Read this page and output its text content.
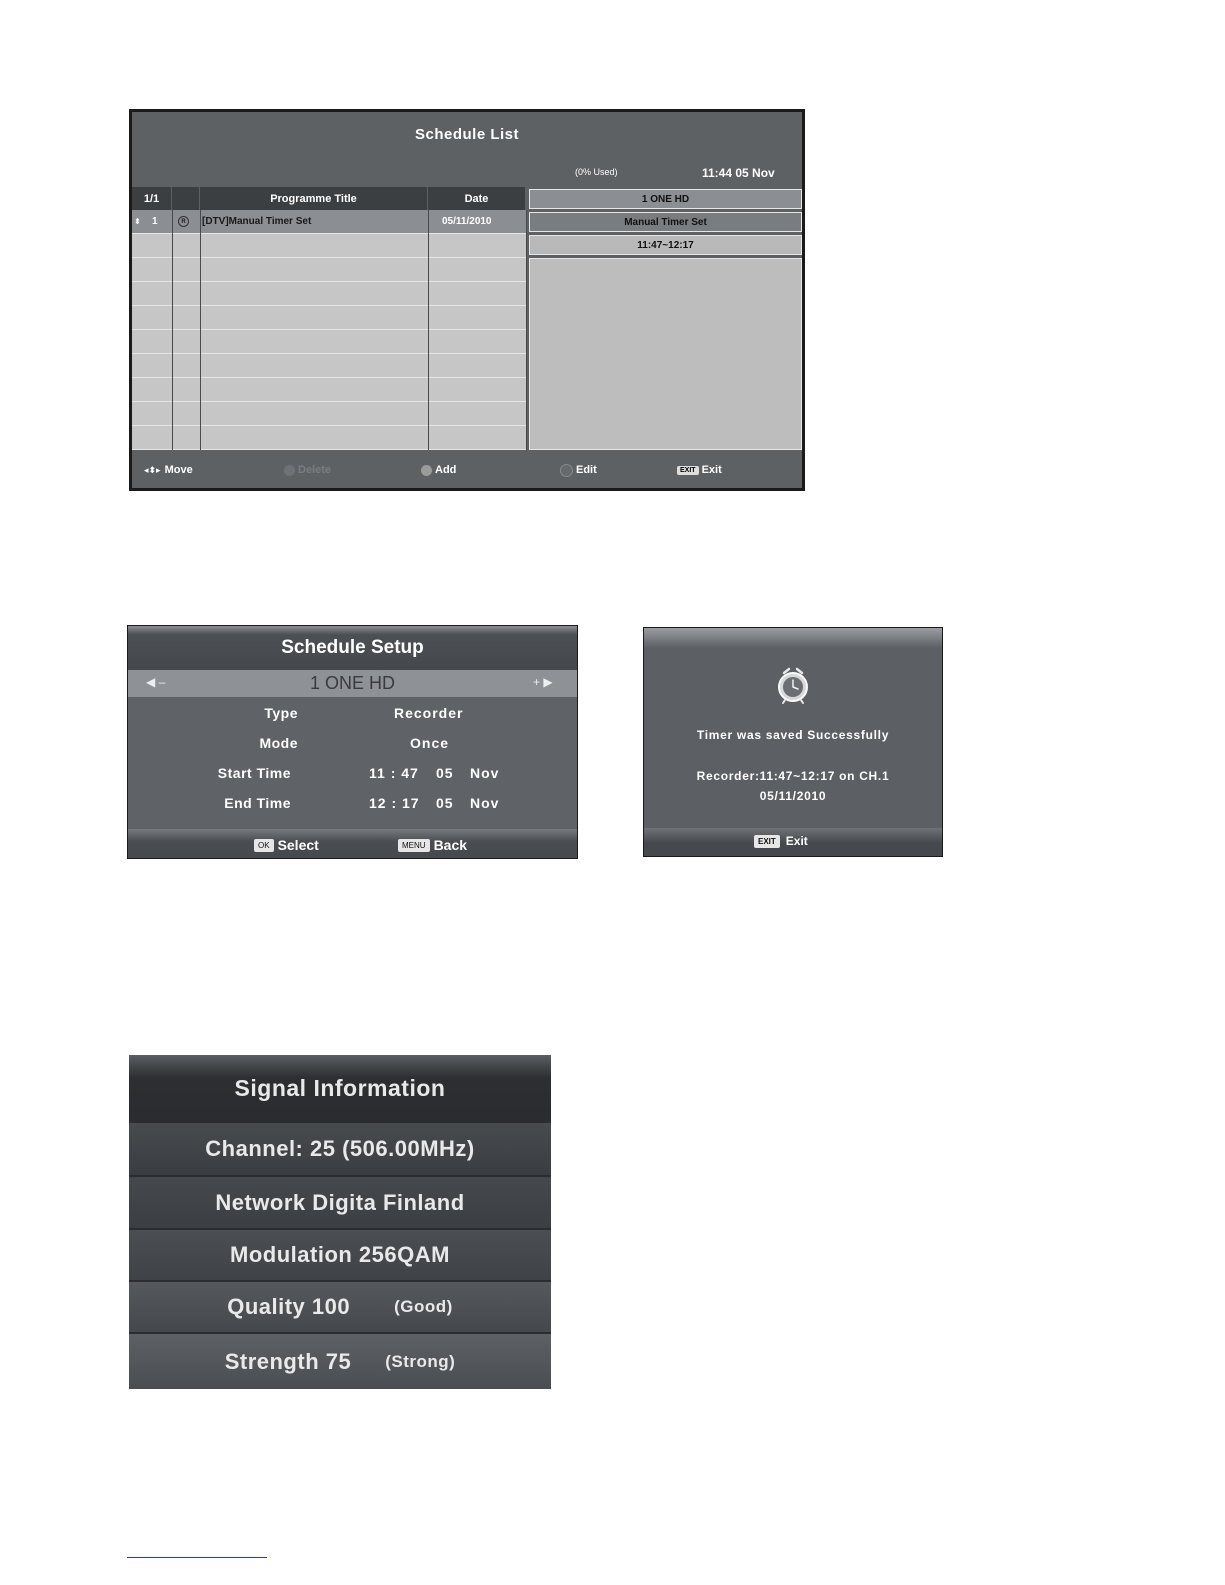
Schedule List
(0% Used)	11:44 05 Nov
1/1	Programme Title	Date
⬍ 1	R	[DTV]Manual Timer Set	05/11/2010
1 ONE HD
Manual Timer Set
11:47~12:17
◂⬍▸ Move	Delete	Add	Edit	EXIT Exit
Schedule Setup
◀ –	1 ONE HD	+ ▶
Type	Recorder
Mode	Once
Start Time	11 : 47 05 Nov
End Time	12 : 17 05 Nov
OK Select	MENU Back
Timer was saved Successfully
Recorder:11:47~12:17 on CH.1
05/11/2010
EXIT Exit
Signal Information
Channel: 25 (506.00MHz)
Network Digita Finland
Modulation 256QAM
Quality 100	(Good)
Strength 75 (Strong)
